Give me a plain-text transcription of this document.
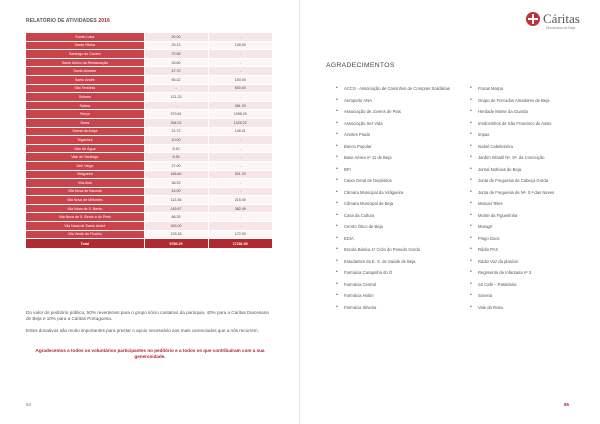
RELATÓRIO DE ATIVIDADES 2016
Santa Luzia	20.00	-
Santa Vitória	25.13	128.00
Santiago do Cacém	70.58	-
Santo Aleixo da Restauração	26.60	-
Santo Amador	47.70	-
Santo André	65.32	100.00
São Teotónio	-	500.00
Selmes	121.23	-
Safara	-	381.20
Serpa	379.61	1058.20
Sines	264.01	1029.22
Sobral da Adiça	21.72	149.21
Trigaches	10.00	-
Vale de Água	6.30	-
Vale de Santiago	8.35	-
Vale Vargo	27.00	-
Vidigueira	166.80	531.20
Vila Alva	38.25	-
Vila Nova de Baronia	43.00	-
Vila Nova de Milfontes	112.36	215.00
Vila Nova de S. Bento	145.67	382.49
Vila Nova de S. Bento a do Pinto	88.25	-
Vila Nova de Santo André	263.00	-
Vila Verde de Ficalho	133.18	172.00
Total	5786.29	17281.90

Do valor do peditório público, 50% reverteram para o grupo sócio caritativo da paróquia, 40% para a Cáritas Diocesana de Beja e 10% para a Cáritas Portuguesa.

Estes donativos são muito importantes para prestar o apoio necessário aos mais carenciados que a nós recorrem.

Agradecemos a todos os voluntários participantes no peditório e a todos os que contribuíram com a sua generosidade.

64
Cáritas
Diocesana de Beja
AGRADECIMENTOS
• ACCS - Associação de Caminhos de Compras Solidárias
• Aeroporto ANA
• Associação de Jovens de Pias
• Associação Ser Vida
• Azeites Prado
• Banco Popular
• Base Aérea nº 11 de Beja
• BPI
• Caixa Geral de Depósitos
• Câmara Municipal da Vidigueira
• Câmara Municipal de Beja
• Casa da Cultura
• Centro Ótico de Beja
• EDIA
• Escola Básica 1º Ciclo do Penedo Gordo
• Estudantes da E. S. de Saúde de Beja
• Farmácia Carapinha do Ó
• Farmácia Central
• Farmácia Holon
• Farmácia Silveira
• Frutas Marpa
• Grupo de Forcados Amadores de Beja
• Herdade Monte da Guarda
• Irmãozinhos de São Francisco de Assis
• Impax
• Isabel Cabeleireira
• Jardim Infantil Nª. Sª. da Conceição
• Jornal Notícias de Beja
• Junta de Freguesia de Cabeça Gorda
• Junta de Freguesia de Nª. S.ª das Neves
• Manuel Teles
• Monte da Figueirinha
• Moragri
• Pingo Doce
• Rádio PAX
• Rádio Voz da planície
• Regimento de Infantaria nº 3
• Só Café – Pastelaria
• Sovena
• Vale da Rosa
65
